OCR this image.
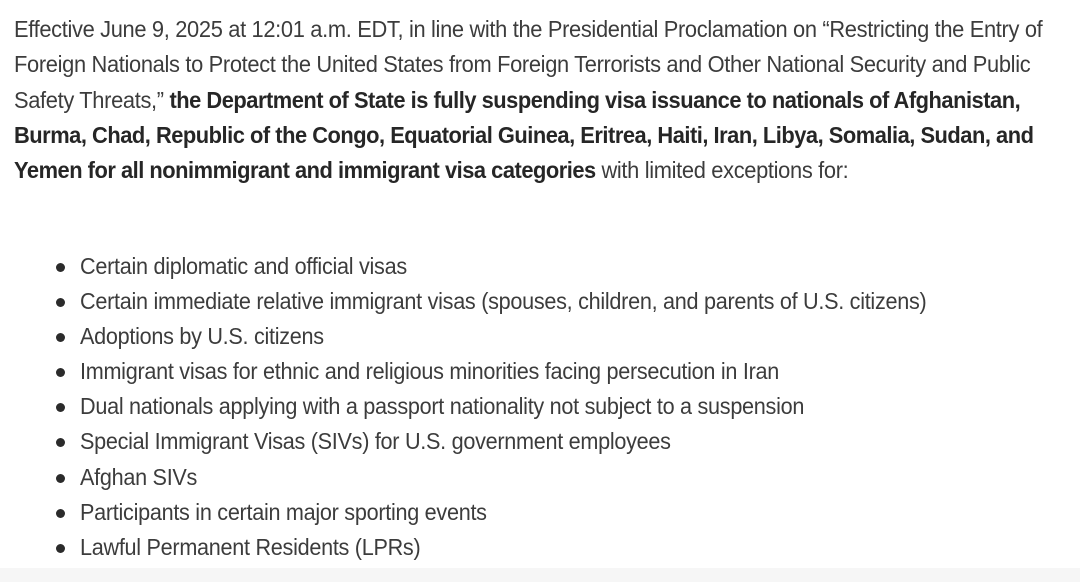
Effective June 9, 2025 at 12:01 a.m. EDT, in line with the Presidential Proclamation on “Restricting the Entry of Foreign Nationals to Protect the United States from Foreign Terrorists and Other National Security and Public Safety Threats,” the Department of State is fully suspending visa issuance to nationals of Afghanistan, Burma, Chad, Republic of the Congo, Equatorial Guinea, Eritrea, Haiti, Iran, Libya, Somalia, Sudan, and Yemen for all nonimmigrant and immigrant visa categories with limited exceptions for:

Certain diplomatic and official visas
Certain immediate relative immigrant visas (spouses, children, and parents of U.S. citizens)
Adoptions by U.S. citizens
Immigrant visas for ethnic and religious minorities facing persecution in Iran
Dual nationals applying with a passport nationality not subject to a suspension
Special Immigrant Visas (SIVs) for U.S. government employees
Afghan SIVs
Participants in certain major sporting events
Lawful Permanent Residents (LPRs)
